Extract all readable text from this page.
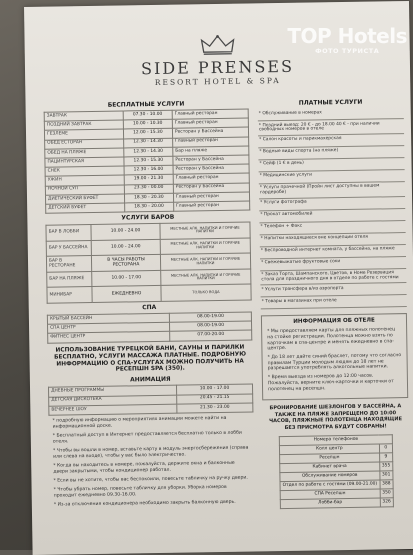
SIDE PRENSES
RESORT HOTEL & SPA
БЕСПЛАТНЫЕ УСЛУГИ
ЗАВТРАК	07.30 - 10.00	Главный ресторан
ПОЗДНИЙ ЗАВТРАК	10.00 - 10.30	Главный ресторан
ГЕЗЛЕМЕ	12.00 - 15.30	Ресторан у Бассейна
ОБЕД ЕСТОРАН	12.30 - 14.30	Главный ресторан
ОБЕД НА ПЛЯЖЕ	12.30 - 14.30	Бар на пляже
ПАЦИНТУРСКАЯ	12.30 - 15.30	Ресторан у Бассейна
СНЕК	12.30 - 16.00	Ресторан у Бассейна
УЖИН	19.00 - 21.30	Главный ресторан
НОЧНОЙ СУП	23.30 - 00.00	Ресторан у Бассейна
ДИЕТИЧЕСКИЙ БУФЕТ	18.30 - 20.30	Главный ресторан
ДЕТСКИЙ БУФЕТ	18.30 - 20.00	Главный ресторан
УСЛУГИ БАРОВ
БАР В ЛОББИ	10.00 - 24.00	МЕСТНЫЕ АЛК. НАПИТКИ И ГОРЯЧИЕ НАПИТКИ
БАР У БАССЕЙНА	10.00 - 24.00	МЕСТНЫЕ АЛК. НАПИТКИ И ГОРЯЧИЕ НАПИТКИ
БАР В РЕСТОРАНЕ	В ЧАСЫ РАБОТЫ РЕСТОРАНА	МЕСТНЫЕ АЛК. НАПИТКИ И ГОРЯЧИЕ НАПИТКИ
БАР НА ПЛЯЖЕ	10.00 - 17.00	МЕСТНЫЕ АЛК. НАПИТКИ И ГОРЯЧИЕ НАПИТКИ
МИНИБАР	ЕЖЕДНЕВНО	ТОЛЬКО ВОДА
СПА
КРЫТЫЙ БАССЕЙН	08.00-19.00
СПА ЦЕНТР	08.00-19.00
ФИТНЕС ЦЕНТР	07.00-20.00
ИСПОЛЬЗОВАНИЕ ТУРЕЦКОЙ БАНИ, САУНЫ И ПАРИЛКИ БЕСПЛАТНО, УСЛУГИ МАССАЖА ПЛАТНЫЕ. ПОДРОБНУЮ ИНФОРМАЦИЮ О СПА-УСЛУГАХ МОЖНО ПОЛУЧИТЬ НА РЕСЕПШН SPA (350).
АНИМАЦИЯ
ДНЕВНЫЕ ПРОГРАММЫ	10.00 - 17.00
ДЕТСКАЯ ДИСКОТЕКА	20.45 - 21.15
ВЕЧЕРНЕЕ ШОУ	21.30 - 23.00
* подробную информацию о мероприятиях анимации можете найти на информационной доске.
* Бесплатный доступ в Интернет предоставляется бесплатно только в лобби отеля.
* Чтобы вы вошли в номер, вставьте карту в модуль энергосбережения (справа или слева на входе), чтобы у вас было электричество.
* Когда вы находитесь в номере, пожалуйста, держите окна и балконные двери закрытыми, чтобы кондиционер работал.
* Если вы не хотите, чтобы вас беспокоили, повесьте табличку на ручку двери.
* Чтобы убрать номер, повесьте табличку для уборки. Уборка номеров проходит ежедневно 09.30-16.00.
* Из-за отключения кондиционера необходимо закрыть балконную дверь.
ПЛАТНЫЕ УСЛУГИ
* Обслуживание в номерах
* Поздний выезд: 20 € - до 18.00 40 € - при наличии свободных номеров в отеле
* Салон красоты и парикмахерская
* Водные виды спорта (на пляже)
* Сейф (1 € в день)
* Медицинские услуги
* Услуги прачечной (Пройн лист доступны в вашем гардеробе)
* Услуги фотографа
* Прокат автомобилей
* Телефон + Факс
* Напитки находящиеся вне концепции отеля
* Беспроводной интернет комната, у бассейна, на пляже
* Свежевыжатые фруктовые соки
* Заказ Торта, Шампанского, Цветов, в Номе Резервация стола для праздничного дня в отделе по работе с гостями
* Услуги трансфера в/из аэропорта
* Товары в магазинах при отеле
ИНФОРМАЦИЯ ОБ ОТЕЛЕ
* Мы предоставляем карты для пляжных полотенец на стойке регистрации. Полотенца можно взять по карточкам в спа-центре и менять ежедневно в спа-центре.
* До 18 лет дайте синий браслет, потому что согласно правилам Турции молодым людям до 18 лет не разрешается употреблять алкогольные напитки.
* Время выезда из номеров до 12:00 часов. Пожалуйста, верните ключ-карточки и карточки от полотенец на ресепшн.
БРОНИРОВАНИЕ ШЕЗЛОНГОВ У БАССЕЙНА, А ТАКЖЕ НА ПЛЯЖЕ ЗАПРЕЩЕНО ДО 10:00 ЧАСОВ, ПЛЯЖНЫЕ ПОЛОТЕНЦА НАХОДЯЩИЕ БЕЗ ПРИСМОТРА БУДУТ СОБРАНЫ!
Номера телефонов	
Колл центр	0
Ресепшн	9
Кабинет врача	355
Обслуживание номеров	301
Отдел по работе с гостями (09.00-21.00)	388
СПА Ресепшн	350
Лобби-бар	326
TOP Hotels
ФОТО ТУРИСТА
